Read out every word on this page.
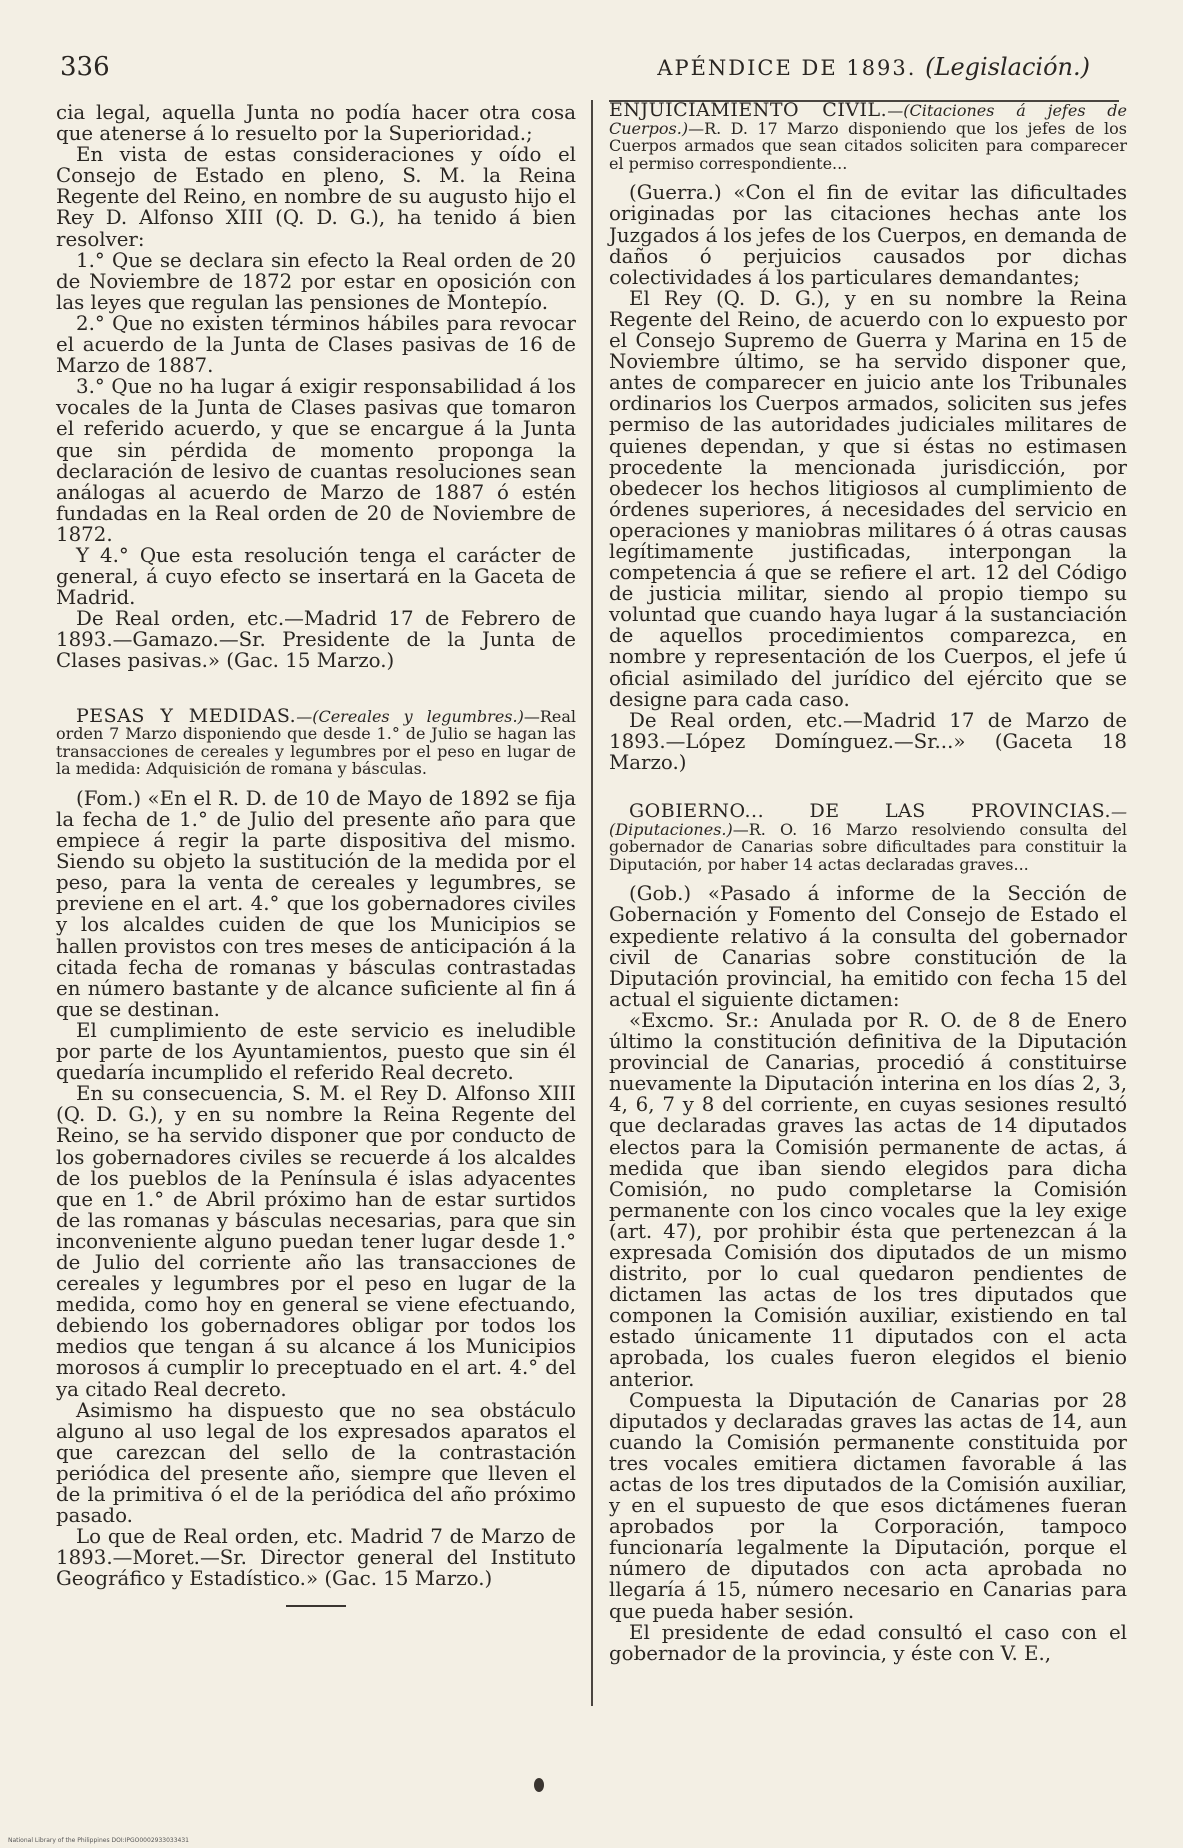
336	APÉNDICE DE 1893. (Legislación.)

cia legal, aquella Junta no podía hacer otra cosa que atenerse á lo resuelto por la Superioridad.;

En vista de estas consideraciones y oído el Consejo de Estado en pleno, S. M. la Reina Regente del Reino, en nombre de su augusto hijo el Rey D. Alfonso XIII (Q. D. G.), ha tenido á bien resolver:

1.° Que se declara sin efecto la Real orden de 20 de Noviembre de 1872 por estar en oposición con las leyes que regulan las pensiones de Montepío.

2.° Que no existen términos hábiles para revocar el acuerdo de la Junta de Clases pasivas de 16 de Marzo de 1887.

3.° Que no ha lugar á exigir responsabilidad á los vocales de la Junta de Clases pasivas que tomaron el referido acuerdo, y que se encargue á la Junta que sin pérdida de momento proponga la declaración de lesivo de cuantas resoluciones sean análogas al acuerdo de Marzo de 1887 ó estén fundadas en la Real orden de 20 de Noviembre de 1872.

Y 4.° Que esta resolución tenga el carácter de general, á cuyo efecto se insertará en la Gaceta de Madrid.

De Real orden, etc.—Madrid 17 de Febrero de 1893.—Gamazo.—Sr. Presidente de la Junta de Clases pasivas.» (Gac. 15 Marzo.)

PESAS Y MEDIDAS.—(Cereales y legumbres.)—Real orden 7 Marzo disponiendo que desde 1.° de Julio se hagan las transacciones de cereales y legumbres por el peso en lugar de la medida: Adquisición de romana y básculas.

(Fom.) «En el R. D. de 10 de Mayo de 1892 se fija la fecha de 1.° de Julio del presente año para que empiece á regir la parte dispositiva del mismo. Siendo su objeto la sustitución de la medida por el peso, para la venta de cereales y legumbres, se previene en el art. 4.° que los gobernadores civiles y los alcaldes cuiden de que los Municipios se hallen provistos con tres meses de anticipación á la citada fecha de romanas y básculas contrastadas en número bastante y de alcance suficiente al fin á que se destinan.

El cumplimiento de este servicio es ineludible por parte de los Ayuntamientos, puesto que sin él quedaría incumplido el referido Real decreto.

En su consecuencia, S. M. el Rey D. Alfonso XIII (Q. D. G.), y en su nombre la Reina Regente del Reino, se ha servido disponer que por conducto de los gobernadores civiles se recuerde á los alcaldes de los pueblos de la Península é islas adyacentes que en 1.° de Abril próximo han de estar surtidos de las romanas y básculas necesarias, para que sin inconveniente alguno puedan tener lugar desde 1.° de Julio del corriente año las transacciones de cereales y legumbres por el peso en lugar de la medida, como hoy en general se viene efectuando, debiendo los gobernadores obligar por todos los medios que tengan á su alcance á los Municipios morosos á cumplir lo preceptuado en el art. 4.° del ya citado Real decreto.

Asimismo ha dispuesto que no sea obstáculo alguno al uso legal de los expresados aparatos el que carezcan del sello de la contrastación periódica del presente año, siempre que lleven el de la primitiva ó el de la periódica del año próximo pasado.

Lo que de Real orden, etc. Madrid 7 de Marzo de 1893.—Moret.—Sr. Director general del Instituto Geográfico y Estadístico.» (Gac. 15 Marzo.)

ENJUICIAMIENTO CIVIL.—(Citaciones á jefes de Cuerpos.)—R. D. 17 Marzo disponiendo que los jefes de los Cuerpos armados que sean citados soliciten para comparecer el permiso correspondiente...

(Guerra.) «Con el fin de evitar las dificultades originadas por las citaciones hechas ante los Juzgados á los jefes de los Cuerpos, en demanda de daños ó perjuicios causados por dichas colectividades á los particulares demandantes;

El Rey (Q. D. G.), y en su nombre la Reina Regente del Reino, de acuerdo con lo expuesto por el Consejo Supremo de Guerra y Marina en 15 de Noviembre último, se ha servido disponer que, antes de comparecer en juicio ante los Tribunales ordinarios los Cuerpos armados, soliciten sus jefes permiso de las autoridades judiciales militares de quienes dependan, y que si éstas no estimasen procedente la mencionada jurisdicción, por obedecer los hechos litigiosos al cumplimiento de órdenes superiores, á necesidades del servicio en operaciones y maniobras militares ó á otras causas legítimamente justificadas, interpongan la competencia á que se refiere el art. 12 del Código de justicia militar, siendo al propio tiempo su voluntad que cuando haya lugar á la sustanciación de aquellos procedimientos comparezca, en nombre y representación de los Cuerpos, el jefe ú oficial asimilado del jurídico del ejército que se designe para cada caso.

De Real orden, etc.—Madrid 17 de Marzo de 1893.—López Domínguez.—Sr...» (Gaceta 18 Marzo.)

GOBIERNO... DE LAS PROVINCIAS.—(Diputaciones.)—R. O. 16 Marzo resolviendo consulta del gobernador de Canarias sobre dificultades para constituir la Diputación, por haber 14 actas declaradas graves...

(Gob.) «Pasado á informe de la Sección de Gobernación y Fomento del Consejo de Estado el expediente relativo á la consulta del gobernador civil de Canarias sobre constitución de la Diputación provincial, ha emitido con fecha 15 del actual el siguiente dictamen:

«Excmo. Sr.: Anulada por R. O. de 8 de Enero último la constitución definitiva de la Diputación provincial de Canarias, procedió á constituirse nuevamente la Diputación interina en los días 2, 3, 4, 6, 7 y 8 del corriente, en cuyas sesiones resultó que declaradas graves las actas de 14 diputados electos para la Comisión permanente de actas, á medida que iban siendo elegidos para dicha Comisión, no pudo completarse la Comisión permanente con los cinco vocales que la ley exige (art. 47), por prohibir ésta que pertenezcan á la expresada Comisión dos diputados de un mismo distrito, por lo cual quedaron pendientes de dictamen las actas de los tres diputados que componen la Comisión auxiliar, existiendo en tal estado únicamente 11 diputados con el acta aprobada, los cuales fueron elegidos el bienio anterior.

Compuesta la Diputación de Canarias por 28 diputados y declaradas graves las actas de 14, aun cuando la Comisión permanente constituida por tres vocales emitiera dictamen favorable á las actas de los tres diputados de la Comisión auxiliar, y en el supuesto de que esos dictámenes fueran aprobados por la Corporación, tampoco funcionaría legalmente la Diputación, porque el número de diputados con acta aprobada no llegaría á 15, número necesario en Canarias para que pueda haber sesión.

El presidente de edad consultó el caso con el gobernador de la provincia, y éste con V. E.,

National Library of the Philippines DOI:IPGO0002933033431
